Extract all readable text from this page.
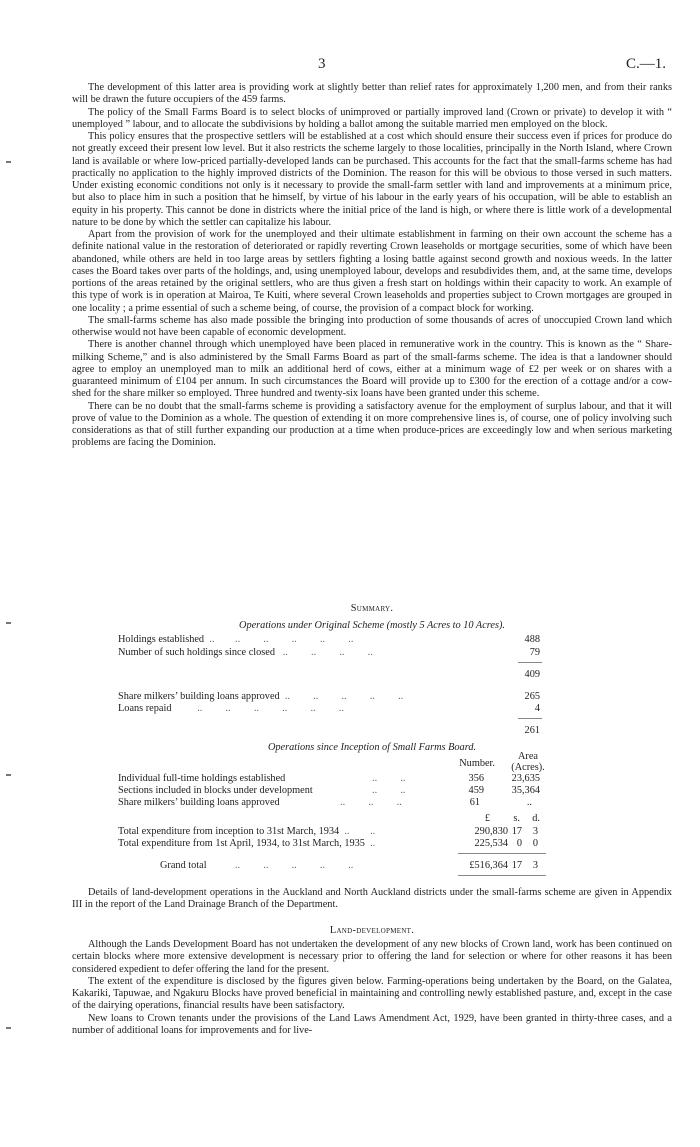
3	C.—1.

The development of this latter area is providing work at slightly better than relief rates for approximately 1,200 men, and from their ranks will be drawn the future occupiers of the 459 farms.

The policy of the Small Farms Board is to select blocks of unimproved or partially improved land (Crown or private) to develop it with “ unemployed ” labour, and to allocate the subdivisions by holding a ballot among the suitable married men employed on the block.

This policy ensures that the prospective settlers will be established at a cost which should ensure their success even if prices for produce do not greatly exceed their present low level. But it also restricts the scheme largely to those localities, principally in the North Island, where Crown land is available or where low-priced partially-developed lands can be purchased. This accounts for the fact that the small-farms scheme has had practically no application to the highly improved districts of the Dominion. The reason for this will be obvious to those versed in such matters. Under existing economic conditions not only is it necessary to provide the small-farm settler with land and improvements at a minimum price, but also to place him in such a position that he himself, by virtue of his labour in the early years of his occupation, will be able to establish an equity in his property. This cannot be done in districts where the initial price of the land is high, or where there is little work of a developmental nature to be done by which the settler can capitalize his labour.

Apart from the provision of work for the unemployed and their ultimate establishment in farming on their own account the scheme has a definite national value in the restoration of deteriorated or rapidly reverting Crown leaseholds or mortgage securities, some of which have been abandoned, while others are held in too large areas by settlers fighting a losing battle against second growth and noxious weeds. In the latter cases the Board takes over parts of the holdings, and, using unemployed labour, develops and resubdivides them, and, at the same time, develops portions of the areas retained by the original settlers, who are thus given a fresh start on holdings within their capacity to work. An example of this type of work is in operation at Mairoa, Te Kuiti, where several Crown leaseholds and properties subject to Crown mortgages are grouped in one locality ; a prime essential of such a scheme being, of course, the provision of a compact block for working.

The small-farms scheme has also made possible the bringing into production of some thousands of acres of unoccupied Crown land which otherwise would not have been capable of economic development.

There is another channel through which unemployed have been placed in remunerative work in the country. This is known as the “ Share-milking Scheme,” and is also administered by the Small Farms Board as part of the small-farms scheme. The idea is that a landowner should agree to employ an unemployed man to milk an additional herd of cows, either at a minimum wage of £2 per week or on shares with a guaranteed minimum of £104 per annum. In such circumstances the Board will provide up to £300 for the erection of a cottage and/or a cow-shed for the share milker so employed. Three hundred and twenty-six loans have been granted under this scheme.

There can be no doubt that the small-farms scheme is providing a satisfactory avenue for the employment of surplus labour, and that it will prove of value to the Dominion as a whole. The question of extending it on more comprehensive lines is, of course, one of policy involving such considerations as that of still further expanding our production at a time when produce-prices are exceedingly low and when serious marketing problems are facing the Dominion.

Summary.
Operations under Original Scheme (mostly 5 Acres to 10 Acres).
Holdings established  ..        ..         ..         ..         ..         ..	488
Number of such holdings since closed   ..         ..         ..         ..	79
409
Share milkers’ building loans approved  ..         ..         ..         ..         ..	265
Loans repaid          ..         ..         ..         ..         ..         ..	4
261
Operations since Inception of Small Farms Board.
Number.
Area (Acres).
Individual full-time holdings established	..         ..	356	23,635
Sections included in blocks under development	..         ..	459	35,364
Share milkers’ building loans approved	..         ..         ..	61	..
£ s. d.
Total expenditure from inception to 31st March, 1934  ..        ..	290,830 17 3
Total expenditure from 1st April, 1934, to 31st March, 1935  ..	225,534 0 0
Grand total           ..         ..         ..         ..         ..	£516,364 17 3

Details of land-development operations in the Auckland and North Auckland districts under the small-farms scheme are given in Appendix III in the report of the Land Drainage Branch of the Department.

Land-development.

Although the Lands Development Board has not undertaken the development of any new blocks of Crown land, work has been continued on certain blocks where more extensive development is necessary prior to offering the land for selection or where for other reasons it has been considered expedient to defer offering the land for the present.

The extent of the expenditure is disclosed by the figures given below. Farming-operations being undertaken by the Board, on the Galatea, Kakariki, Tapuwae, and Ngakuru Blocks have proved beneficial in maintaining and controlling newly established pasture, and, except in the case of the dairying operations, financial results have been satisfactory.

New loans to Crown tenants under the provisions of the Land Laws Amendment Act, 1929, have been granted in thirty-three cases, and a number of additional loans for improvements and for live-
